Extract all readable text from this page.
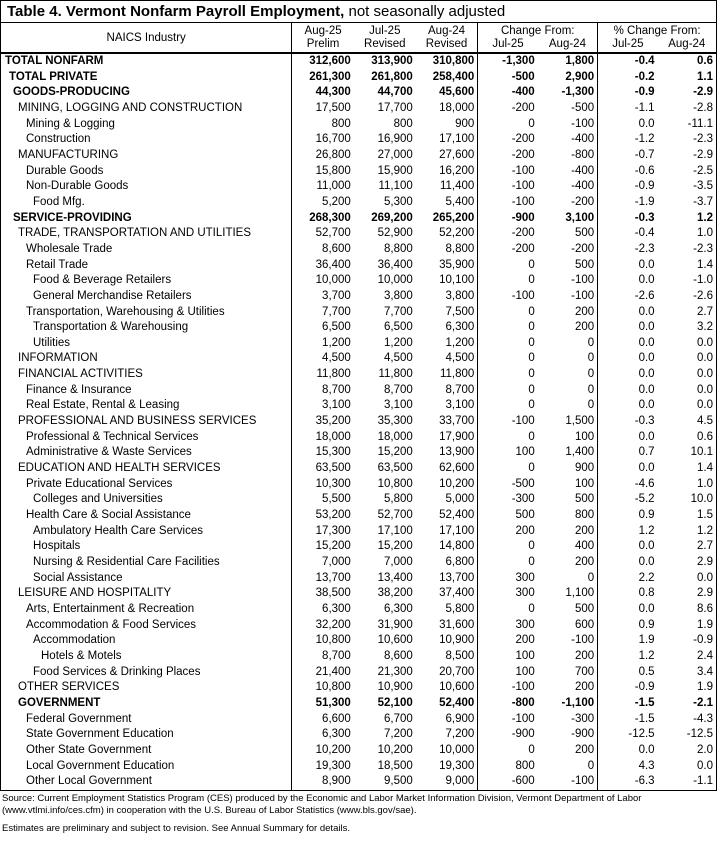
Table 4. Vermont Nonfarm Payroll Employment, not seasonally adjusted
NAICS Industry	Aug-25	Jul-25	Aug-24	Change From:		% Change From:	
	Prelim	Revised	Revised	Jul-25	Aug-24	Jul-25	Aug-24
TOTAL NONFARM	312,600	313,900	310,800	-1,300	1,800	-0.4	0.6
TOTAL PRIVATE	261,300	261,800	258,400	-500	2,900	-0.2	1.1
GOODS-PRODUCING	44,300	44,700	45,600	-400	-1,300	-0.9	-2.9
MINING, LOGGING AND CONSTRUCTION	17,500	17,700	18,000	-200	-500	-1.1	-2.8
Mining & Logging	800	800	900	0	-100	0.0	-11.1
Construction	16,700	16,900	17,100	-200	-400	-1.2	-2.3
MANUFACTURING	26,800	27,000	27,600	-200	-800	-0.7	-2.9
Durable Goods	15,800	15,900	16,200	-100	-400	-0.6	-2.5
Non-Durable Goods	11,000	11,100	11,400	-100	-400	-0.9	-3.5
Food Mfg.	5,200	5,300	5,400	-100	-200	-1.9	-3.7
SERVICE-PROVIDING	268,300	269,200	265,200	-900	3,100	-0.3	1.2
TRADE, TRANSPORTATION AND UTILITIES	52,700	52,900	52,200	-200	500	-0.4	1.0
Wholesale Trade	8,600	8,800	8,800	-200	-200	-2.3	-2.3
Retail Trade	36,400	36,400	35,900	0	500	0.0	1.4
Food & Beverage Retailers	10,000	10,000	10,100	0	-100	0.0	-1.0
General Merchandise Retailers	3,700	3,800	3,800	-100	-100	-2.6	-2.6
Transportation, Warehousing & Utilities	7,700	7,700	7,500	0	200	0.0	2.7
Transportation & Warehousing	6,500	6,500	6,300	0	200	0.0	3.2
Utilities	1,200	1,200	1,200	0	0	0.0	0.0
INFORMATION	4,500	4,500	4,500	0	0	0.0	0.0
FINANCIAL ACTIVITIES	11,800	11,800	11,800	0	0	0.0	0.0
Finance & Insurance	8,700	8,700	8,700	0	0	0.0	0.0
Real Estate, Rental & Leasing	3,100	3,100	3,100	0	0	0.0	0.0
PROFESSIONAL AND BUSINESS SERVICES	35,200	35,300	33,700	-100	1,500	-0.3	4.5
Professional & Technical Services	18,000	18,000	17,900	0	100	0.0	0.6
Administrative & Waste Services	15,300	15,200	13,900	100	1,400	0.7	10.1
EDUCATION AND HEALTH SERVICES	63,500	63,500	62,600	0	900	0.0	1.4
Private Educational Services	10,300	10,800	10,200	-500	100	-4.6	1.0
Colleges and Universities	5,500	5,800	5,000	-300	500	-5.2	10.0
Health Care & Social Assistance	53,200	52,700	52,400	500	800	0.9	1.5
Ambulatory Health Care Services	17,300	17,100	17,100	200	200	1.2	1.2
Hospitals	15,200	15,200	14,800	0	400	0.0	2.7
Nursing & Residential Care Facilities	7,000	7,000	6,800	0	200	0.0	2.9
Social Assistance	13,700	13,400	13,700	300	0	2.2	0.0
LEISURE AND HOSPITALITY	38,500	38,200	37,400	300	1,100	0.8	2.9
Arts, Entertainment & Recreation	6,300	6,300	5,800	0	500	0.0	8.6
Accommodation & Food Services	32,200	31,900	31,600	300	600	0.9	1.9
Accommodation	10,800	10,600	10,900	200	-100	1.9	-0.9
Hotels & Motels	8,700	8,600	8,500	100	200	1.2	2.4
Food Services & Drinking Places	21,400	21,300	20,700	100	700	0.5	3.4
OTHER SERVICES	10,800	10,900	10,600	-100	200	-0.9	1.9
GOVERNMENT	51,300	52,100	52,400	-800	-1,100	-1.5	-2.1
Federal Government	6,600	6,700	6,900	-100	-300	-1.5	-4.3
State Government Education	6,300	7,200	7,200	-900	-900	-12.5	-12.5
Other State Government	10,200	10,200	10,000	0	200	0.0	2.0
Local Government Education	19,300	18,500	19,300	800	0	4.3	0.0
Other Local Government	8,900	9,500	9,000	-600	-100	-6.3	-1.1
Source: Current Employment Statistics Program (CES) produced by the Economic and Labor Market Information Division, Vermont Department of Labor (www.vtlmi.info/ces.cfm) in cooperation with the U.S. Bureau of Labor Statistics (www.bls.gov/sae).
Estimates are preliminary and subject to revision. See Annual Summary for details.
